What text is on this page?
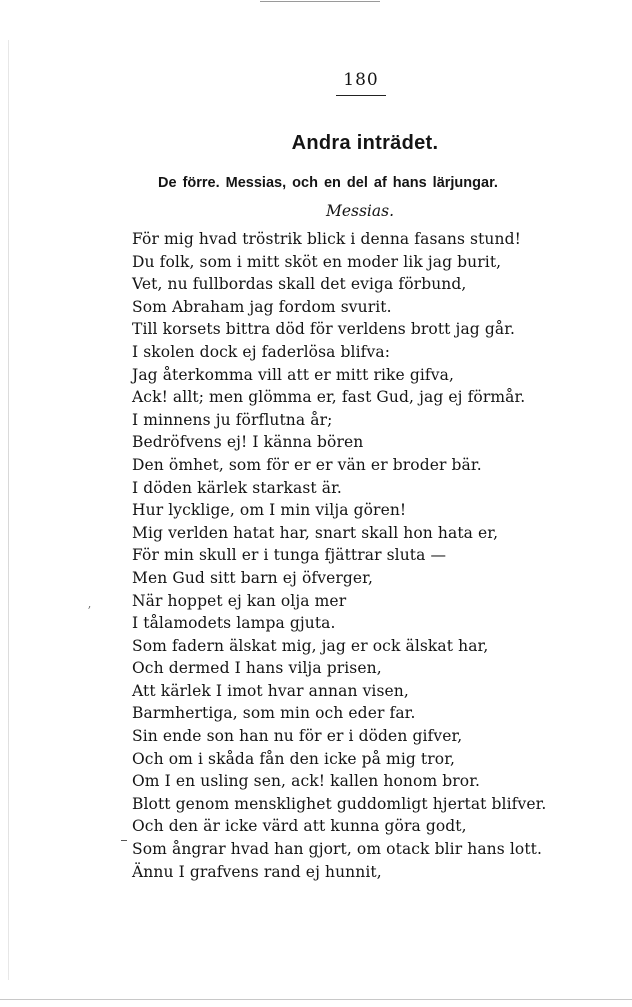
180
Andra inträdet.
De förre. Messias, och en del af hans lärjungar.
Messias.
För mig hvad tröstrik blick i denna fasans stund!
Du folk, som i mitt sköt en moder lik jag burit,
Vet, nu fullbordas skall det eviga förbund,
Som Abraham jag fordom svurit.
Till korsets bittra död för verldens brott jag går.
I skolen dock ej faderlösa blifva:
Jag återkomma vill att er mitt rike gifva,
Ack! allt; men glömma er, fast Gud, jag ej förmår.
I minnens ju förflutna år;
Bedröfvens ej! I känna bören
Den ömhet, som för er er vän er broder bär.
I döden kärlek starkast är.
Hur lycklige, om I min vilja gören!
Mig verlden hatat har, snart skall hon hata er,
För min skull er i tunga fjättrar sluta —
Men Gud sitt barn ej öfverger,
När hoppet ej kan olja mer
I tålamodets lampa gjuta.
Som fadern älskat mig, jag er ock älskat har,
Och dermed I hans vilja prisen,
Att kärlek I imot hvar annan visen,
Barmhertiga, som min och eder far.
Sin ende son han nu för er i döden gifver,
Och om i skåda fån den icke på mig tror,
Om I en usling sen, ack! kallen honom bror.
Blott genom mensklighet guddomligt hjertat blifver.
Och den är icke värd att kunna göra godt,
Som ångrar hvad han gjort, om otack blir hans lott.
Ännu I grafvens rand ej hunnit,
ʼ
